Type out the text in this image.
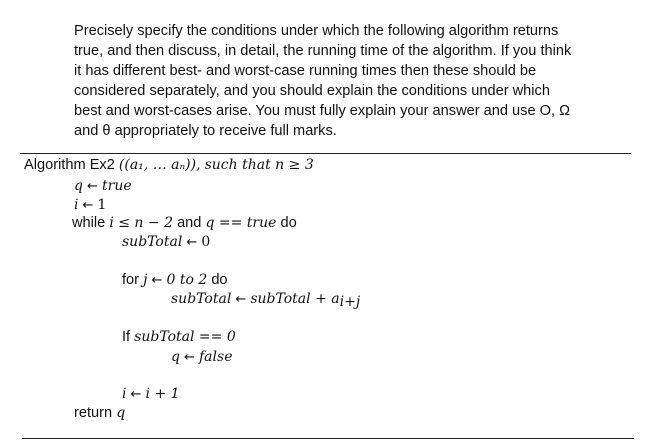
Precisely specify the conditions under which the following algorithm returns
true, and then discuss, in detail, the running time of the algorithm. If you think
it has different best- and worst-case running times then these should be
considered separately, and you should explain the conditions under which
best and worst-cases arise. You must fully explain your answer and use O, Ω
and θ appropriately to receive full marks.
Algorithm Ex2 ((a₁, … aₙ)), such that n ≥ 3
q ← true
i ← 1
while i ≤ n − 2 and q == true do
subTotal ← 0
for j ← 0 to 2 do
subTotal ← subTotal + $a_{i+j}$
If subTotal == 0
q ← false
i ← i + 1
return q
